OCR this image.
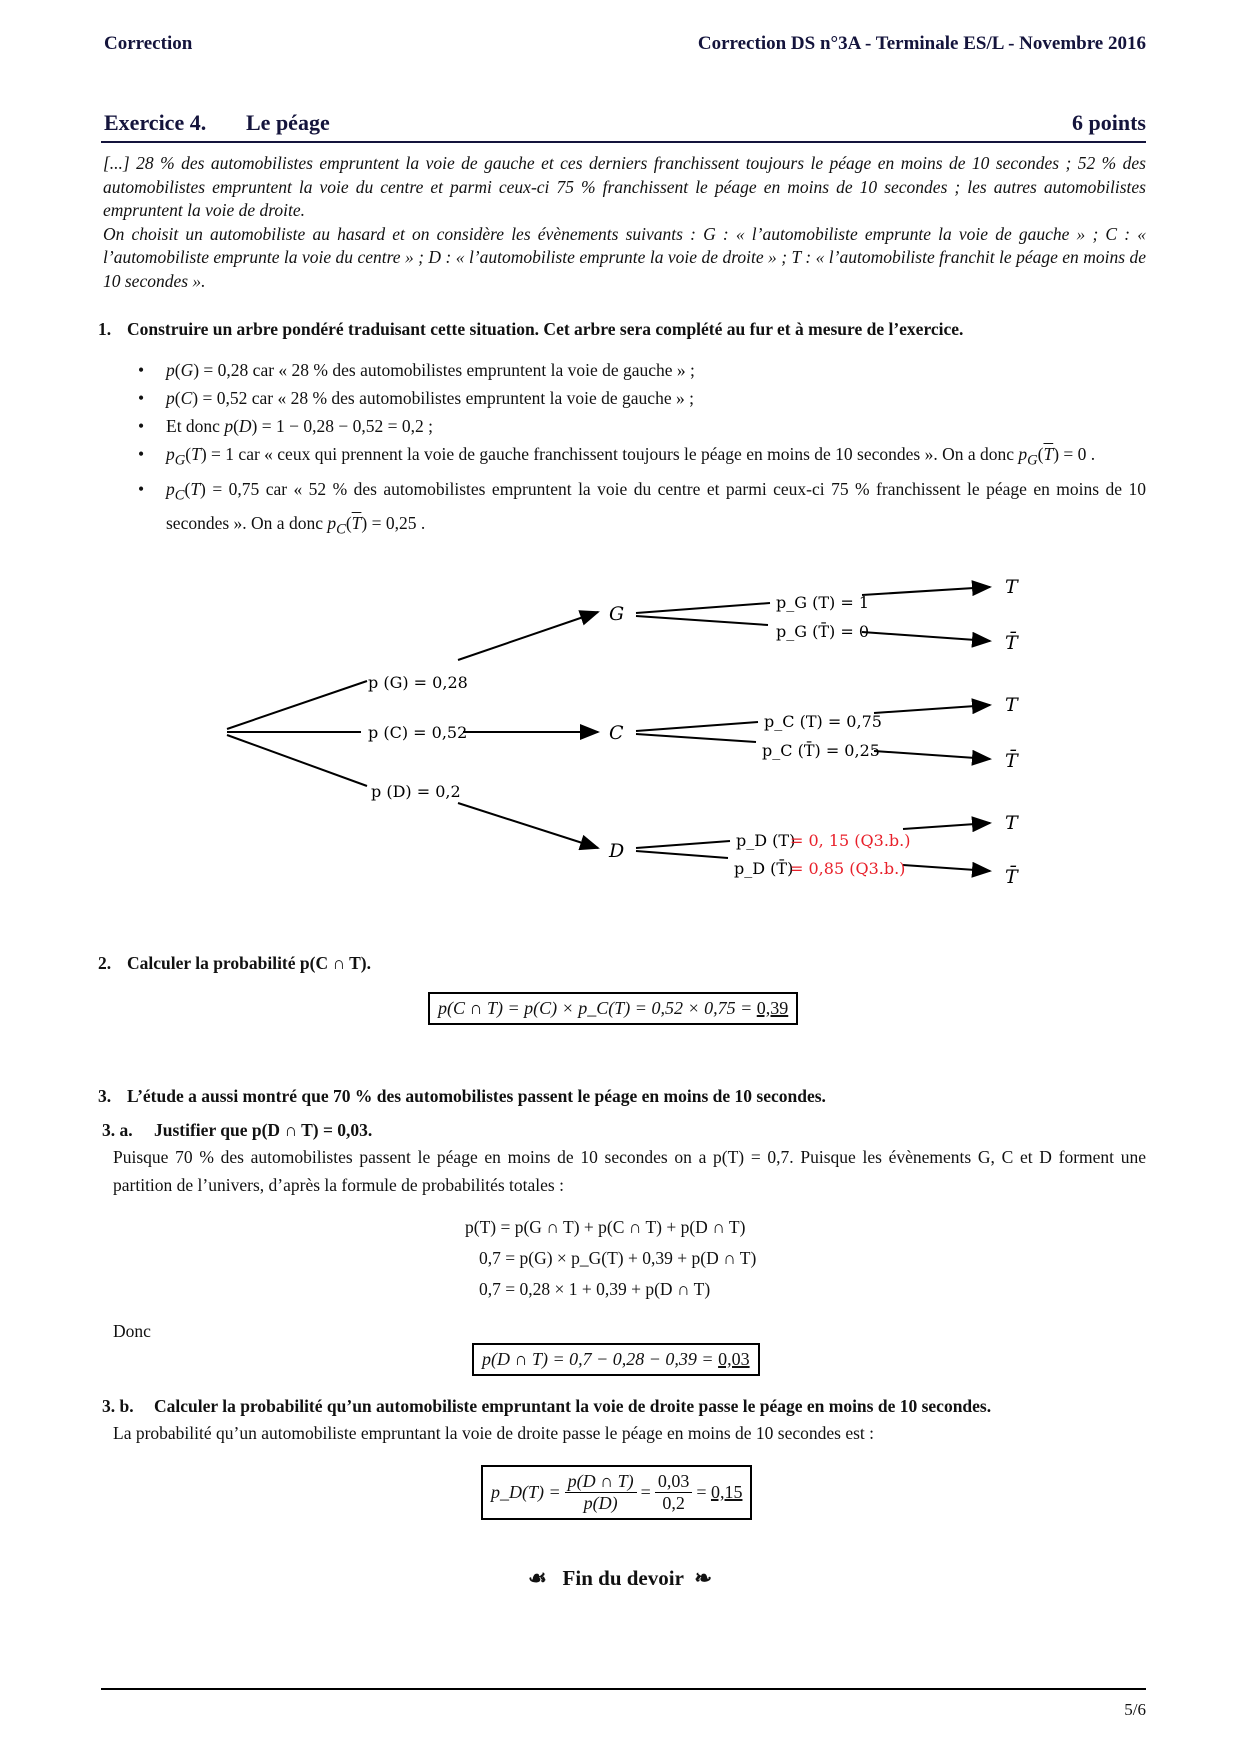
Correction	Correction DS n°3A - Terminale ES/L - Novembre 2016
Exercice 4. Le péage	6 points
[...] 28 % des automobilistes empruntent la voie de gauche et ces derniers franchissent toujours le péage en moins de 10 secondes ; 52 % des automobilistes empruntent la voie du centre et parmi ceux-ci 75 % franchissent le péage en moins de 10 secondes ; les autres automobilistes empruntent la voie de droite.
On choisit un automobiliste au hasard et on considère les évènements suivants : G : « l’automobiliste emprunte la voie de gauche » ; C : « l’automobiliste emprunte la voie du centre » ; D : « l’automobiliste emprunte la voie de droite » ; T : « l’automobiliste franchit le péage en moins de 10 secondes ».
1. Construire un arbre pondéré traduisant cette situation. Cet arbre sera complété au fur et à mesure de l’exercice.
• p(G) = 0,28 car « 28 % des automobilistes empruntent la voie de gauche » ;
• p(C) = 0,52 car « 28 % des automobilistes empruntent la voie de gauche » ;
• Et donc p(D) = 1 − 0,28 − 0,52 = 0,2 ;
• $p_G(T) = 1$ car « ceux qui prennent la voie de gauche franchissent toujours le péage en moins de 10 secondes ». On a donc $p_G(\overline{T}) = 0$ .
• $p_C(T) = 0,75$ car « 52 % des automobilistes empruntent la voie du centre et parmi ceux-ci 75 % franchissent le péage en moins de 10 secondes ». On a donc $p_C(\overline{T}) = 0,25$ .
p (G) = 0,28
p (C) = 0,52
p (D) = 0,2
G
C
D
p_G (T) = 1
p_G (T̄) = 0
p_C (T) = 0,75
p_C (T̄) = 0,25
p_D (T)
= 0, 15 (Q3.b.)
p_D (T̄)
= 0,85 (Q3.b.)
T
T̄
T
T̄
T
T̄
2. Calculer la probabilité p(C ∩ T).
p(C ∩ T) = p(C) × p_C(T) = 0,52 × 0,75 = 0,39
3. L’étude a aussi montré que 70 % des automobilistes passent le péage en moins de 10 secondes.
3. a. Justifier que p(D ∩ T) = 0,03.
Puisque 70 % des automobilistes passent le péage en moins de 10 secondes on a p(T) = 0,7. Puisque les évènements G, C et D forment une partition de l’univers, d’après la formule de probabilités totales :
p(T) = p(G ∩ T) + p(C ∩ T) + p(D ∩ T)
0,7 = p(G) × p_G(T) + 0,39 + p(D ∩ T)
0,7 = 0,28 × 1 + 0,39 + p(D ∩ T)
Donc
p(D ∩ T) = 0,7 − 0,28 − 0,39 = 0,03
3. b. Calculer la probabilité qu’un automobiliste empruntant la voie de droite passe le péage en moins de 10 secondes.
La probabilité qu’un automobiliste empruntant la voie de droite passe le péage en moins de 10 secondes est :
p_D(T) = $\frac{p(D \cap T)}{p(D)} = \frac{0,03}{0,2} = 0,15$
☙ Fin du devoir ❧
5/6
